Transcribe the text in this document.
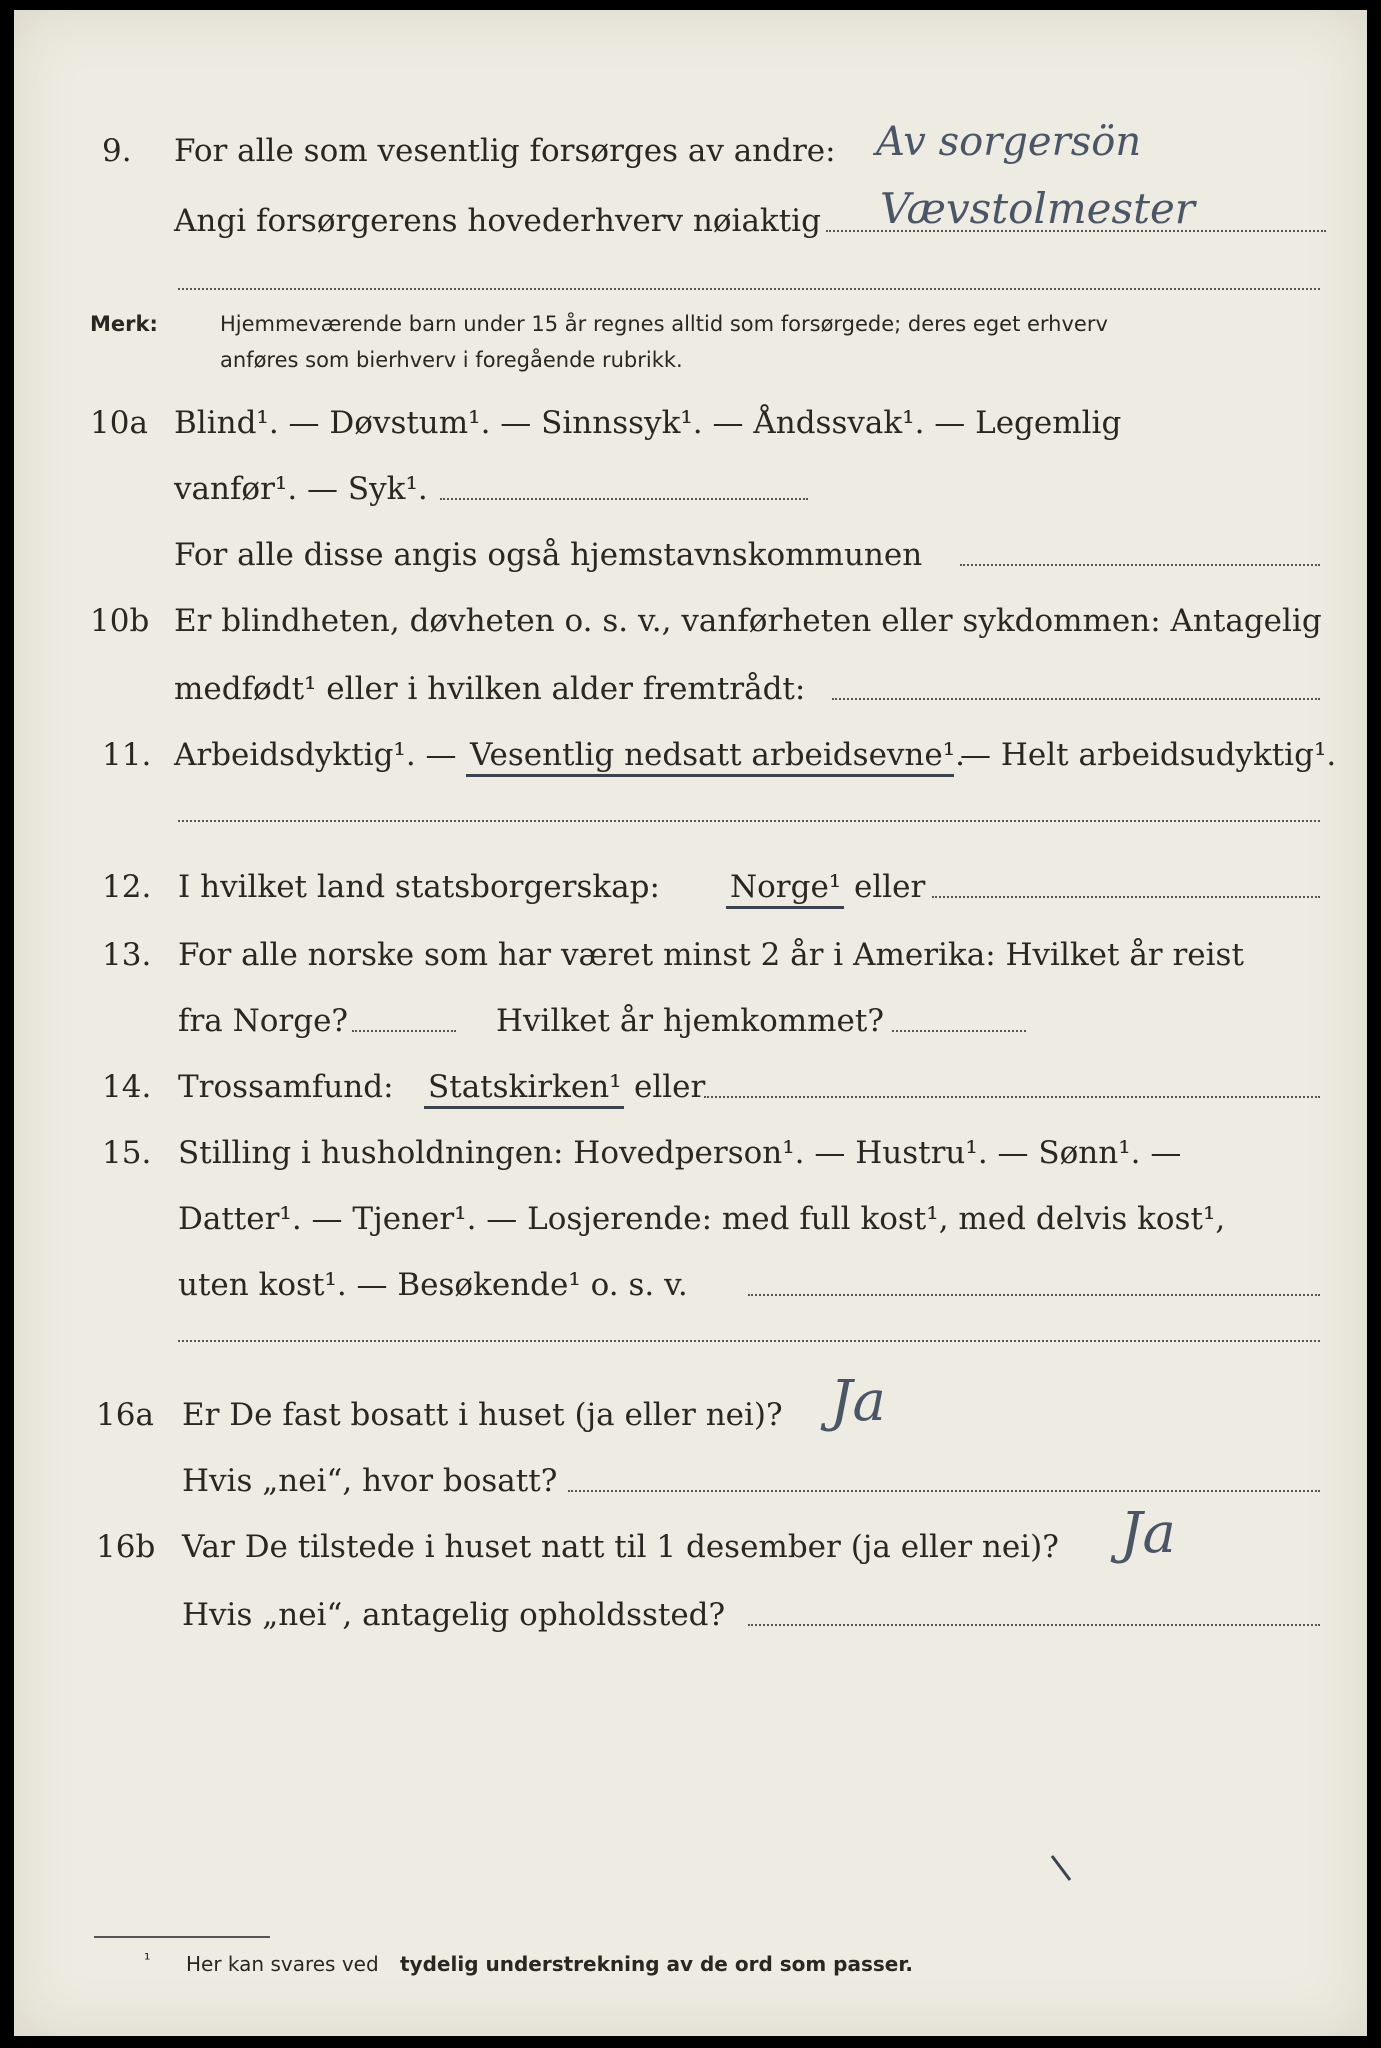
9. For alle som vesentlig forsørges av andre: Av sorgersön
Angi forsørgerens hovederhverv nøiaktig Vævstolmester
Merk:	Hjemmeværende barn under 15 år regnes alltid som forsørgede; deres eget erhverv
anføres som bierhverv i foregående rubrikk.
10a Blind¹. — Døvstum¹. — Sinnssyk¹. — Åndssvak¹. — Legemlig
vanfør¹. — Syk¹.
For alle disse angis også hjemstavnskommunen
10b Er blindheten, døvheten o. s. v., vanførheten eller sykdommen: Antagelig
medfødt¹ eller i hvilken alder fremtrådt:
11. Arbeidsdyktig¹. — Vesentlig nedsatt arbeidsevne¹.
— Helt arbeidsudyktig¹.
12. I hvilket land statsborgerskap: Norge¹ eller
13. For alle norske som har været minst 2 år i Amerika: Hvilket år reist
fra Norge?	Hvilket år hjemkommet?
14. Trossamfund: Statskirken¹ eller
15. Stilling i husholdningen: Hovedperson¹. — Hustru¹. — Sønn¹. —
Datter¹. — Tjener¹. — Losjerende: med full kost¹, med delvis kost¹,
uten kost¹. — Besøkende¹ o. s. v.
16a Er De fast bosatt i huset (ja eller nei)? Ja
Hvis „nei“, hvor bosatt?
16b Var De tilstede i huset natt til 1 desember (ja eller nei)? Ja
Hvis „nei“, antagelig opholdssted?
¹ Her kan svares ved tydelig understrekning av de ord som passer.
